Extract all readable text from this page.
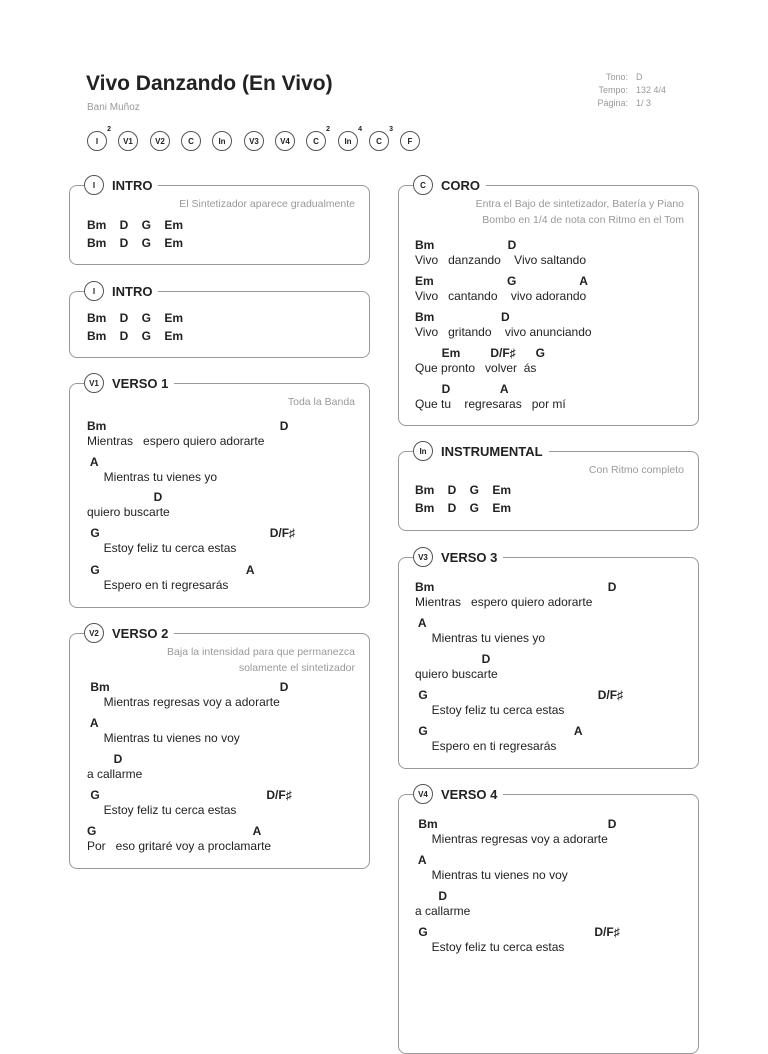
Vivo Danzando (En Vivo)
Bani Muñoz
Tono:
Tempo:
Página:
D
132 4/4
1/ 3
I
2
V1	V2	C	In	V3	V4	C
2
In
4
C
3
F
I	INTRO
El Sintetizador aparece gradualmente
Bm    D    G    Em
Bm    D    G    Em
I	INTRO
Bm    D    G    Em
Bm    D    G    Em
V1	VERSO 1
Toda la Banda
Bm                                                    D
Mientras   espero quiero adorarte
A
Mientras tu vienes yo
D
quiero buscarte
G                                                   D/F♯
Estoy feliz tu cerca estas
G                                            A
Espero en ti regresarás
V2	VERSO 2
Baja la intensidad para que permanezca
solamente el sintetizador
Bm                                                   D
Mientras regresas voy a adorarte
A
Mientras tu vienes no voy
D
a callarme
G                                                  D/F♯
Estoy feliz tu cerca estas
G                                               A
Por   eso gritaré voy a proclamarte
C	CORO
Entra el Bajo de sintetizador, Batería y Piano
Bombo en 1/4 de nota con Ritmo en el Tom
Bm                      D
Vivo   danzando    Vivo saltando
Em                      G                   A
Vivo   cantando    vivo adorando
Bm                    D
Vivo   gritando    vivo anunciando
Em         D/F♯      G
Que pronto   volver  ás
D               A
Que tu    regresaras   por mí
In	INSTRUMENTAL
Con Ritmo completo
Bm    D    G    Em
Bm    D    G    Em
V3	VERSO 3
Bm                                                    D
Mientras   espero quiero adorarte
A
Mientras tu vienes yo
D
quiero buscarte
G                                                   D/F♯
Estoy feliz tu cerca estas
G                                            A
Espero en ti regresarás
V4	VERSO 4
Bm                                                   D
Mientras regresas voy a adorarte
A
Mientras tu vienes no voy
D
a callarme
G                                                  D/F♯
Estoy feliz tu cerca estas
